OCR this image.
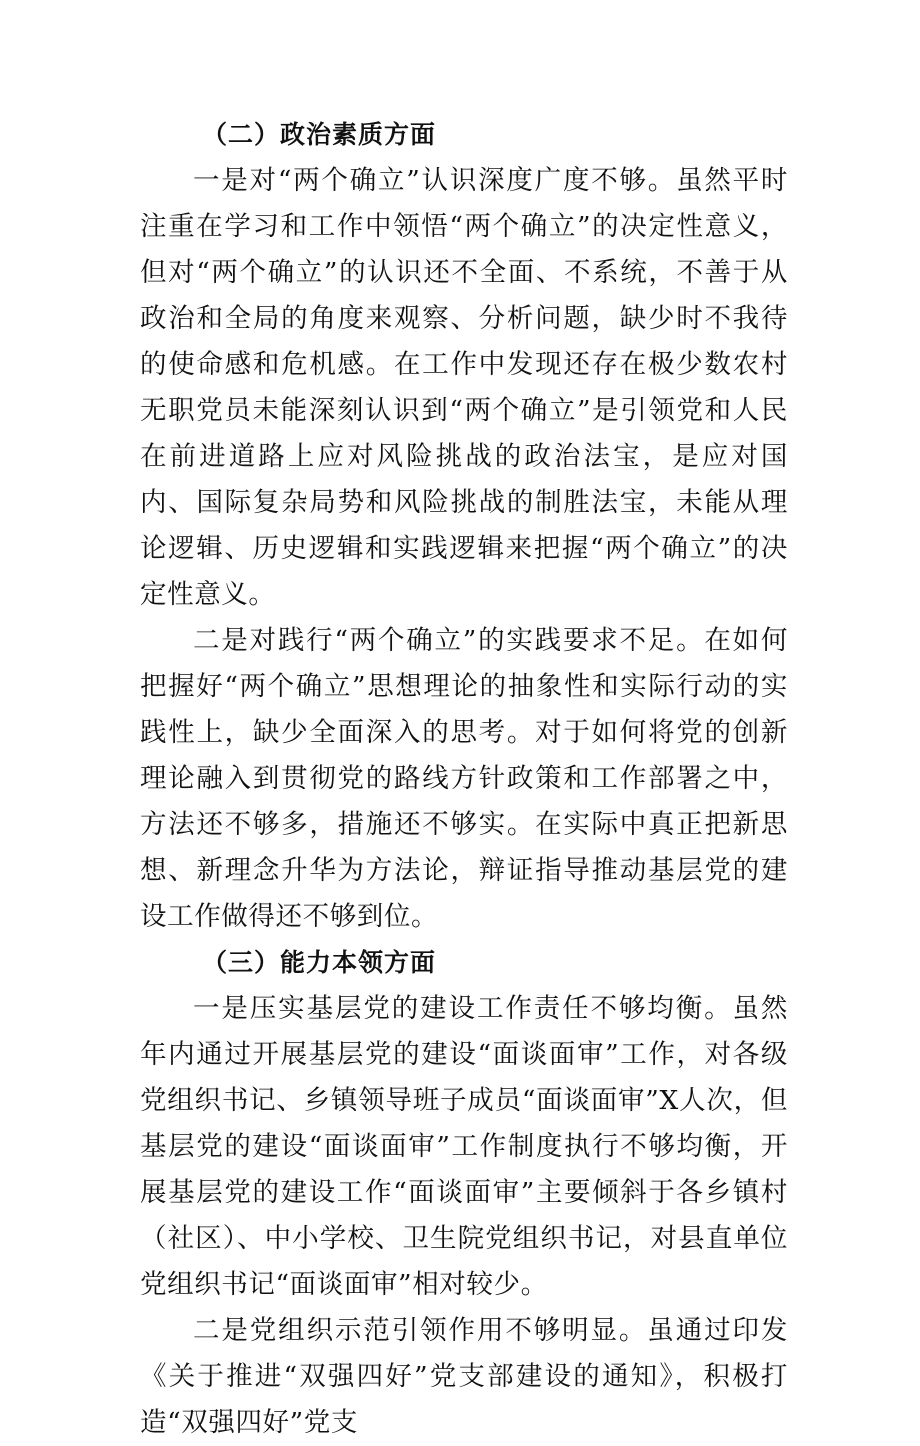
（二）政治素质方面

一是对“两个确立”认识深度广度不够。虽然平时注重在学习和工作中领悟“两个确立”的决定性意义，但对“两个确立”的认识还不全面、不系统，不善于从政治和全局的角度来观察、分析问题，缺少时不我待的使命感和危机感。在工作中发现还存在极少数农村无职党员未能深刻认识到“两个确立”是引领党和人民在前进道路上应对风险挑战的政治法宝，是应对国内、国际复杂局势和风险挑战的制胜法宝，未能从理论逻辑、历史逻辑和实践逻辑来把握“两个确立”的决定性意义。

二是对践行“两个确立”的实践要求不足。在如何把握好“两个确立”思想理论的抽象性和实际行动的实践性上，缺少全面深入的思考。对于如何将党的创新理论融入到贯彻党的路线方针政策和工作部署之中，方法还不够多，措施还不够实。在实际中真正把新思想、新理念升华为方法论，辩证指导推动基层党的建设工作做得还不够到位。

（三）能力本领方面

一是压实基层党的建设工作责任不够均衡。虽然年内通过开展基层党的建设“面谈面审”工作，对各级党组织书记、乡镇领导班子成员“面谈面审”X人次，但基层党的建设“面谈面审”工作制度执行不够均衡，开展基层党的建设工作“面谈面审”主要倾斜于各乡镇村（社区）、中小学校、卫生院党组织书记，对县直单位党组织书记“面谈面审”相对较少。

二是党组织示范引领作用不够明显。虽通过印发《关于推进“双强四好”党支部建设的通知》，积极打造“双强四好”党支
